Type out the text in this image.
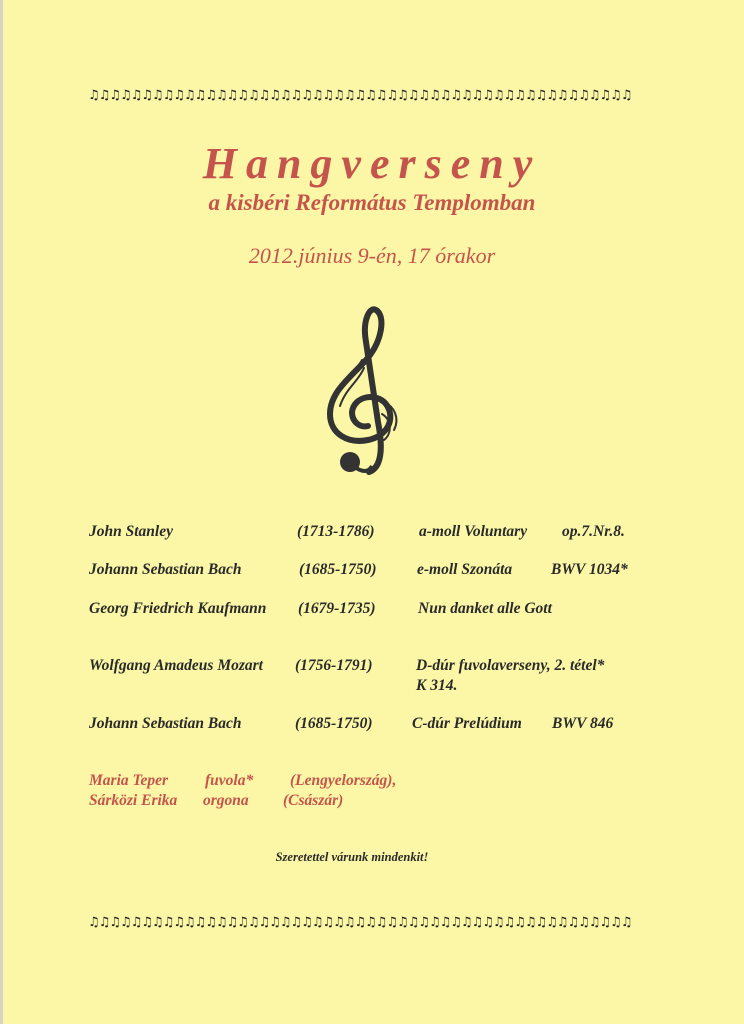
♫♫♫♫♫♫♫♫♫♫♫♫♫♫♫♫♫♫♫♫♫♫♫♫♫♫♫♫♫♫♫♫♫♫♫♫♫♫♫♫♫♫♫♫♫♫♫♫♫♫♫
Hangverseny
a kisbéri Református Templomban
2012.június 9-én, 17 órakor
John Stanley	(1713-1786)	a-moll Voluntary op.7.Nr.8.
Johann Sebastian Bach	(1685-1750)	e-moll Szonáta	BWV 1034*
Georg Friedrich Kaufmann (1679-1735)	Nun danket alle Gott
Wolfgang Amadeus Mozart (1756-1791)	D-dúr fuvolaverseny, 2. tétel*
K 314.
Johann Sebastian Bach	(1685-1750)	C-dúr Prelúdium BWV 846
Maria Teper fuvola* (Lengyelország),
Sárközi Erika orgona (Császár)
Szeretettel várunk mindenkit!
♫♫♫♫♫♫♫♫♫♫♫♫♫♫♫♫♫♫♫♫♫♫♫♫♫♫♫♫♫♫♫♫♫♫♫♫♫♫♫♫♫♫♫♫♫♫♫♫♫♫♫
